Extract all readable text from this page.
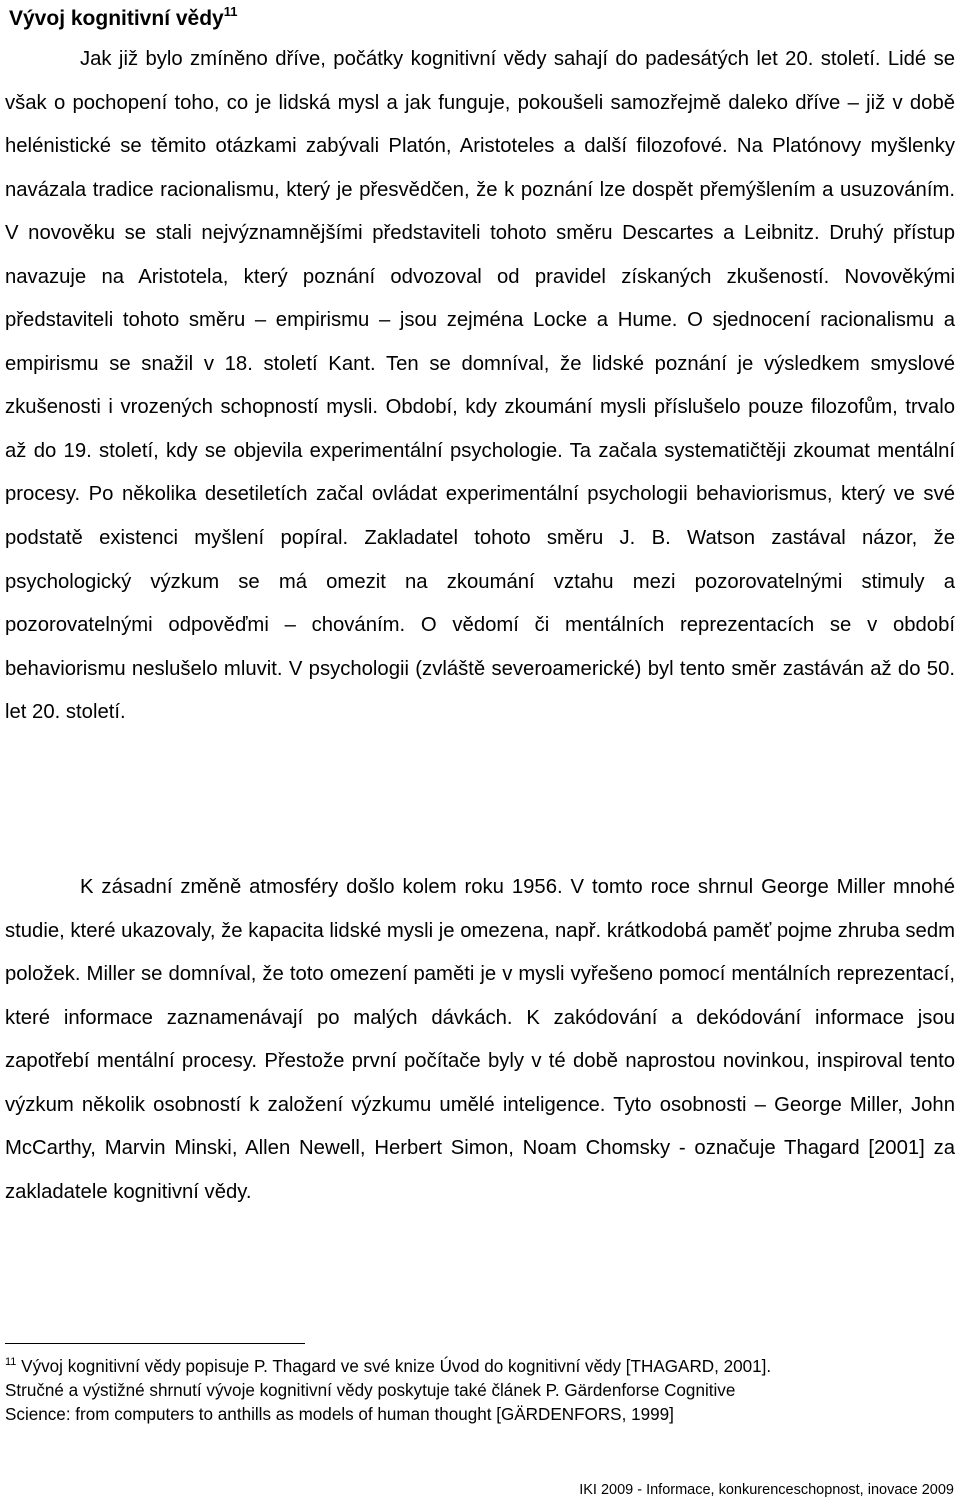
Vývoj kognitivní vědy$^{11}$

Jak již bylo zmíněno dříve, počátky kognitivní vědy sahají do padesátých let 20. století. Lidé se však o pochopení toho, co je lidská mysl a jak funguje, pokoušeli samozřejmě daleko dříve – již v době helénistické se těmito otázkami zabývali Platón, Aristoteles a další filozofové. Na Platónovy myšlenky navázala tradice racionalismu, který je přesvědčen, že k poznání lze dospět přemýšlením a usuzováním. V novověku se stali nejvýznamnějšími představiteli tohoto směru Descartes a Leibnitz. Druhý přístup navazuje na Aristotela, který poznání odvozoval od pravidel získaných zkušeností. Novověkými představiteli tohoto směru – empirismu – jsou zejména Locke a Hume. O sjednocení racionalismu a empirismu se snažil v 18. století Kant. Ten se domníval, že lidské poznání je výsledkem smyslové zkušenosti i vrozených schopností mysli. Období, kdy zkoumání mysli příslušelo pouze filozofům, trvalo až do 19. století, kdy se objevila experimentální psychologie. Ta začala systematičtěji zkoumat mentální procesy. Po několika desetiletích začal ovládat experimentální psychologii behaviorismus, který ve své podstatě existenci myšlení popíral. Zakladatel tohoto směru J. B. Watson zastával názor, že psychologický výzkum se má omezit na zkoumání vztahu mezi pozorovatelnými stimuly a pozorovatelnými odpověďmi – chováním. O vědomí či mentálních reprezentacích se v období behaviorismu neslušelo mluvit. V psychologii (zvláště severoamerické) byl tento směr zastáván až do 50. let 20. století.

K zásadní změně atmosféry došlo kolem roku 1956. V tomto roce shrnul George Miller mnohé studie, které ukazovaly, že kapacita lidské mysli je omezena, např. krátkodobá paměť pojme zhruba sedm položek. Miller se domníval, že toto omezení paměti je v mysli vyřešeno pomocí mentálních reprezentací, které informace zaznamenávají po malých dávkách. K zakódování a dekódování informace jsou zapotřebí mentální procesy. Přestože první počítače byly v té době naprostou novinkou, inspiroval tento výzkum několik osobností k založení výzkumu umělé inteligence. Tyto osobnosti – George Miller, John McCarthy, Marvin Minski, Allen Newell, Herbert Simon, Noam Chomsky - označuje Thagard [2001] za zakladatele kognitivní vědy.

$^{11}$ Vývoj kognitivní vědy popisuje P. Thagard ve své knize Úvod do kognitivní vědy [THAGARD, 2001].
Stručné a výstižné shrnutí vývoje kognitivní vědy poskytuje také článek P. Gärdenforse Cognitive
Science: from computers to anthills as models of human thought [GÄRDENFORS, 1999]

IKI 2009 - Informace, konkurenceschopnost, inovace 2009
